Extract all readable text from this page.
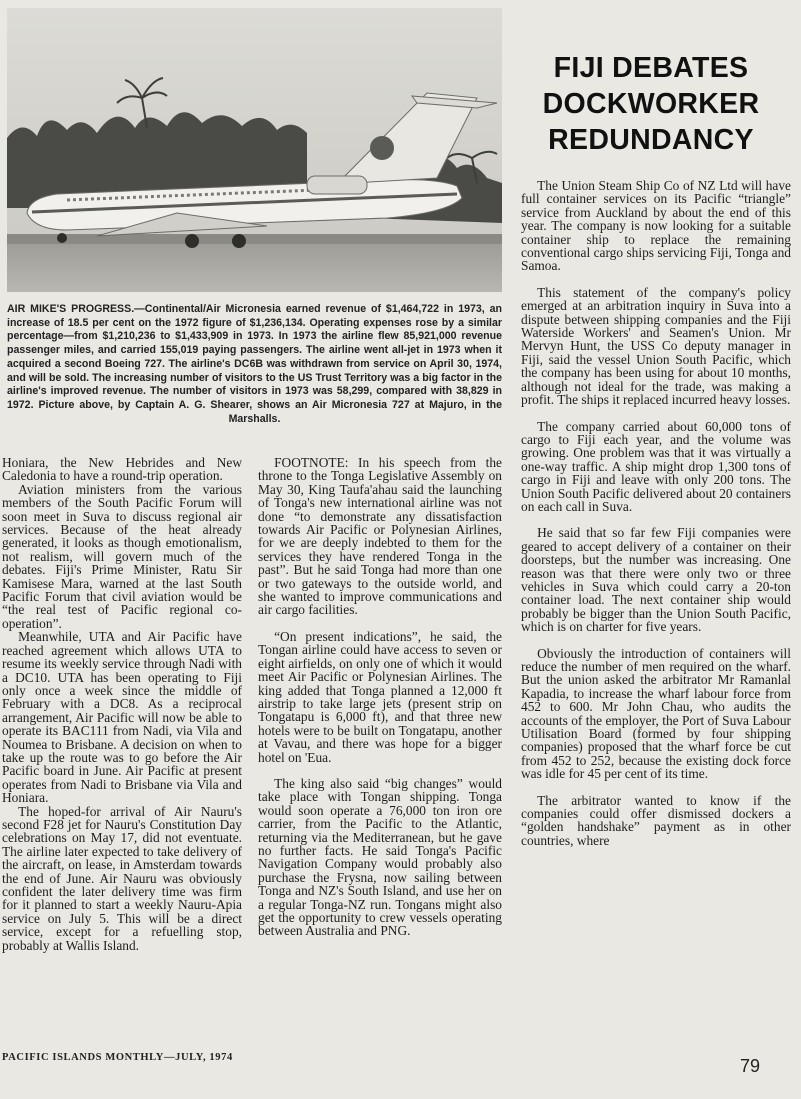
AIR MIKE'S PROGRESS.—Continental/Air Micronesia earned revenue of $1,464,722 in 1973, an increase of 18.5 per cent on the 1972 figure of $1,236,134. Operating expenses rose by a similar percentage—from $1,210,236 to $1,433,909 in 1973. In 1973 the airline flew 85,921,000 revenue passenger miles, and carried 155,019 paying passengers. The airline went all-jet in 1973 when it acquired a second Boeing 727. The airline's DC6B was withdrawn from service on April 30, 1974, and will be sold. The increasing number of visitors to the US Trust Territory was a big factor in the airline's improved revenue. The number of visitors in 1973 was 58,299, compared with 38,829 in 1972. Picture above, by Captain A. G. Shearer, shows an Air Micronesia 727 at Majuro, in the Marshalls.
FIJI DEBATES
DOCKWORKER
REDUNDANCY

Honiara, the New Hebrides and New Caledonia to have a round-trip operation.

Aviation ministers from the various members of the South Pacific Forum will soon meet in Suva to discuss regional air services. Because of the heat already generated, it looks as though emotionalism, not realism, will govern much of the debates. Fiji's Prime Minister, Ratu Sir Kamisese Mara, warned at the last South Pacific Forum that civil aviation would be “the real test of Pacific regional co-operation”.

Meanwhile, UTA and Air Pacific have reached agreement which allows UTA to resume its weekly service through Nadi with a DC10. UTA has been operating to Fiji only once a week since the middle of February with a DC8. As a reciprocal arrangement, Air Pacific will now be able to operate its BAC111 from Nadi, via Vila and Noumea to Brisbane. A decision on when to take up the route was to go before the Air Pacific board in June. Air Pacific at present operates from Nadi to Brisbane via Vila and Honiara.

The hoped-for arrival of Air Nauru's second F28 jet for Nauru's Constitution Day celebrations on May 17, did not eventuate. The airline later expected to take delivery of the aircraft, on lease, in Amsterdam towards the end of June. Air Nauru was obviously confident the later delivery time was firm for it planned to start a weekly Nauru-Apia service on July 5. This will be a direct service, except for a refuelling stop, probably at Wallis Island.

FOOTNOTE: In his speech from the throne to the Tonga Legislative Assembly on May 30, King Taufa'ahau said the launching of Tonga's new international airline was not done “to demonstrate any dissatisfaction towards Air Pacific or Polynesian Airlines, for we are deeply indebted to them for the services they have rendered Tonga in the past”. But he said Tonga had more than one or two gateways to the outside world, and she wanted to improve communications and air cargo facilities.

“On present indications”, he said, the Tongan airline could have access to seven or eight airfields, on only one of which it would meet Air Pacific or Polynesian Airlines. The king added that Tonga planned a 12,000 ft airstrip to take large jets (present strip on Tongatapu is 6,000 ft), and that three new hotels were to be built on Tongatapu, another at Vavau, and there was hope for a bigger hotel on 'Eua.

The king also said “big changes” would take place with Tongan shipping. Tonga would soon operate a 76,000 ton iron ore carrier, from the Pacific to the Atlantic, returning via the Mediterranean, but he gave no further facts. He said Tonga's Pacific Navigation Company would probably also purchase the Frysna, now sailing between Tonga and NZ's South Island, and use her on a regular Tonga-NZ run. Tongans might also get the opportunity to crew vessels operating between Australia and PNG.

The Union Steam Ship Co of NZ Ltd will have full container services on its Pacific “triangle” service from Auckland by about the end of this year. The company is now looking for a suitable container ship to replace the remaining conventional cargo ships servicing Fiji, Tonga and Samoa.

This statement of the company's policy emerged at an arbitration inquiry in Suva into a dispute between shipping companies and the Fiji Waterside Workers' and Seamen's Union. Mr Mervyn Hunt, the USS Co deputy manager in Fiji, said the vessel Union South Pacific, which the company has been using for about 10 months, although not ideal for the trade, was making a profit. The ships it replaced incurred heavy losses.

The company carried about 60,000 tons of cargo to Fiji each year, and the volume was growing. One problem was that it was virtually a one-way traffic. A ship might drop 1,300 tons of cargo in Fiji and leave with only 200 tons. The Union South Pacific delivered about 20 containers on each call in Suva.

He said that so far few Fiji companies were geared to accept delivery of a container on their doorsteps, but the number was increasing. One reason was that there were only two or three vehicles in Suva which could carry a 20-ton container load. The next container ship would probably be bigger than the Union South Pacific, which is on charter for five years.

Obviously the introduction of containers will reduce the number of men required on the wharf. But the union asked the arbitrator Mr Ramanlal Kapadia, to increase the wharf labour force from 452 to 600. Mr John Chau, who audits the accounts of the employer, the Port of Suva Labour Utilisation Board (formed by four shipping companies) proposed that the wharf force be cut from 452 to 252, because the existing dock force was idle for 45 per cent of its time.

The arbitrator wanted to know if the companies could offer dismissed dockers a “golden handshake” payment as in other countries, where

PACIFIC ISLANDS MONTHLY—JULY, 1974	79
